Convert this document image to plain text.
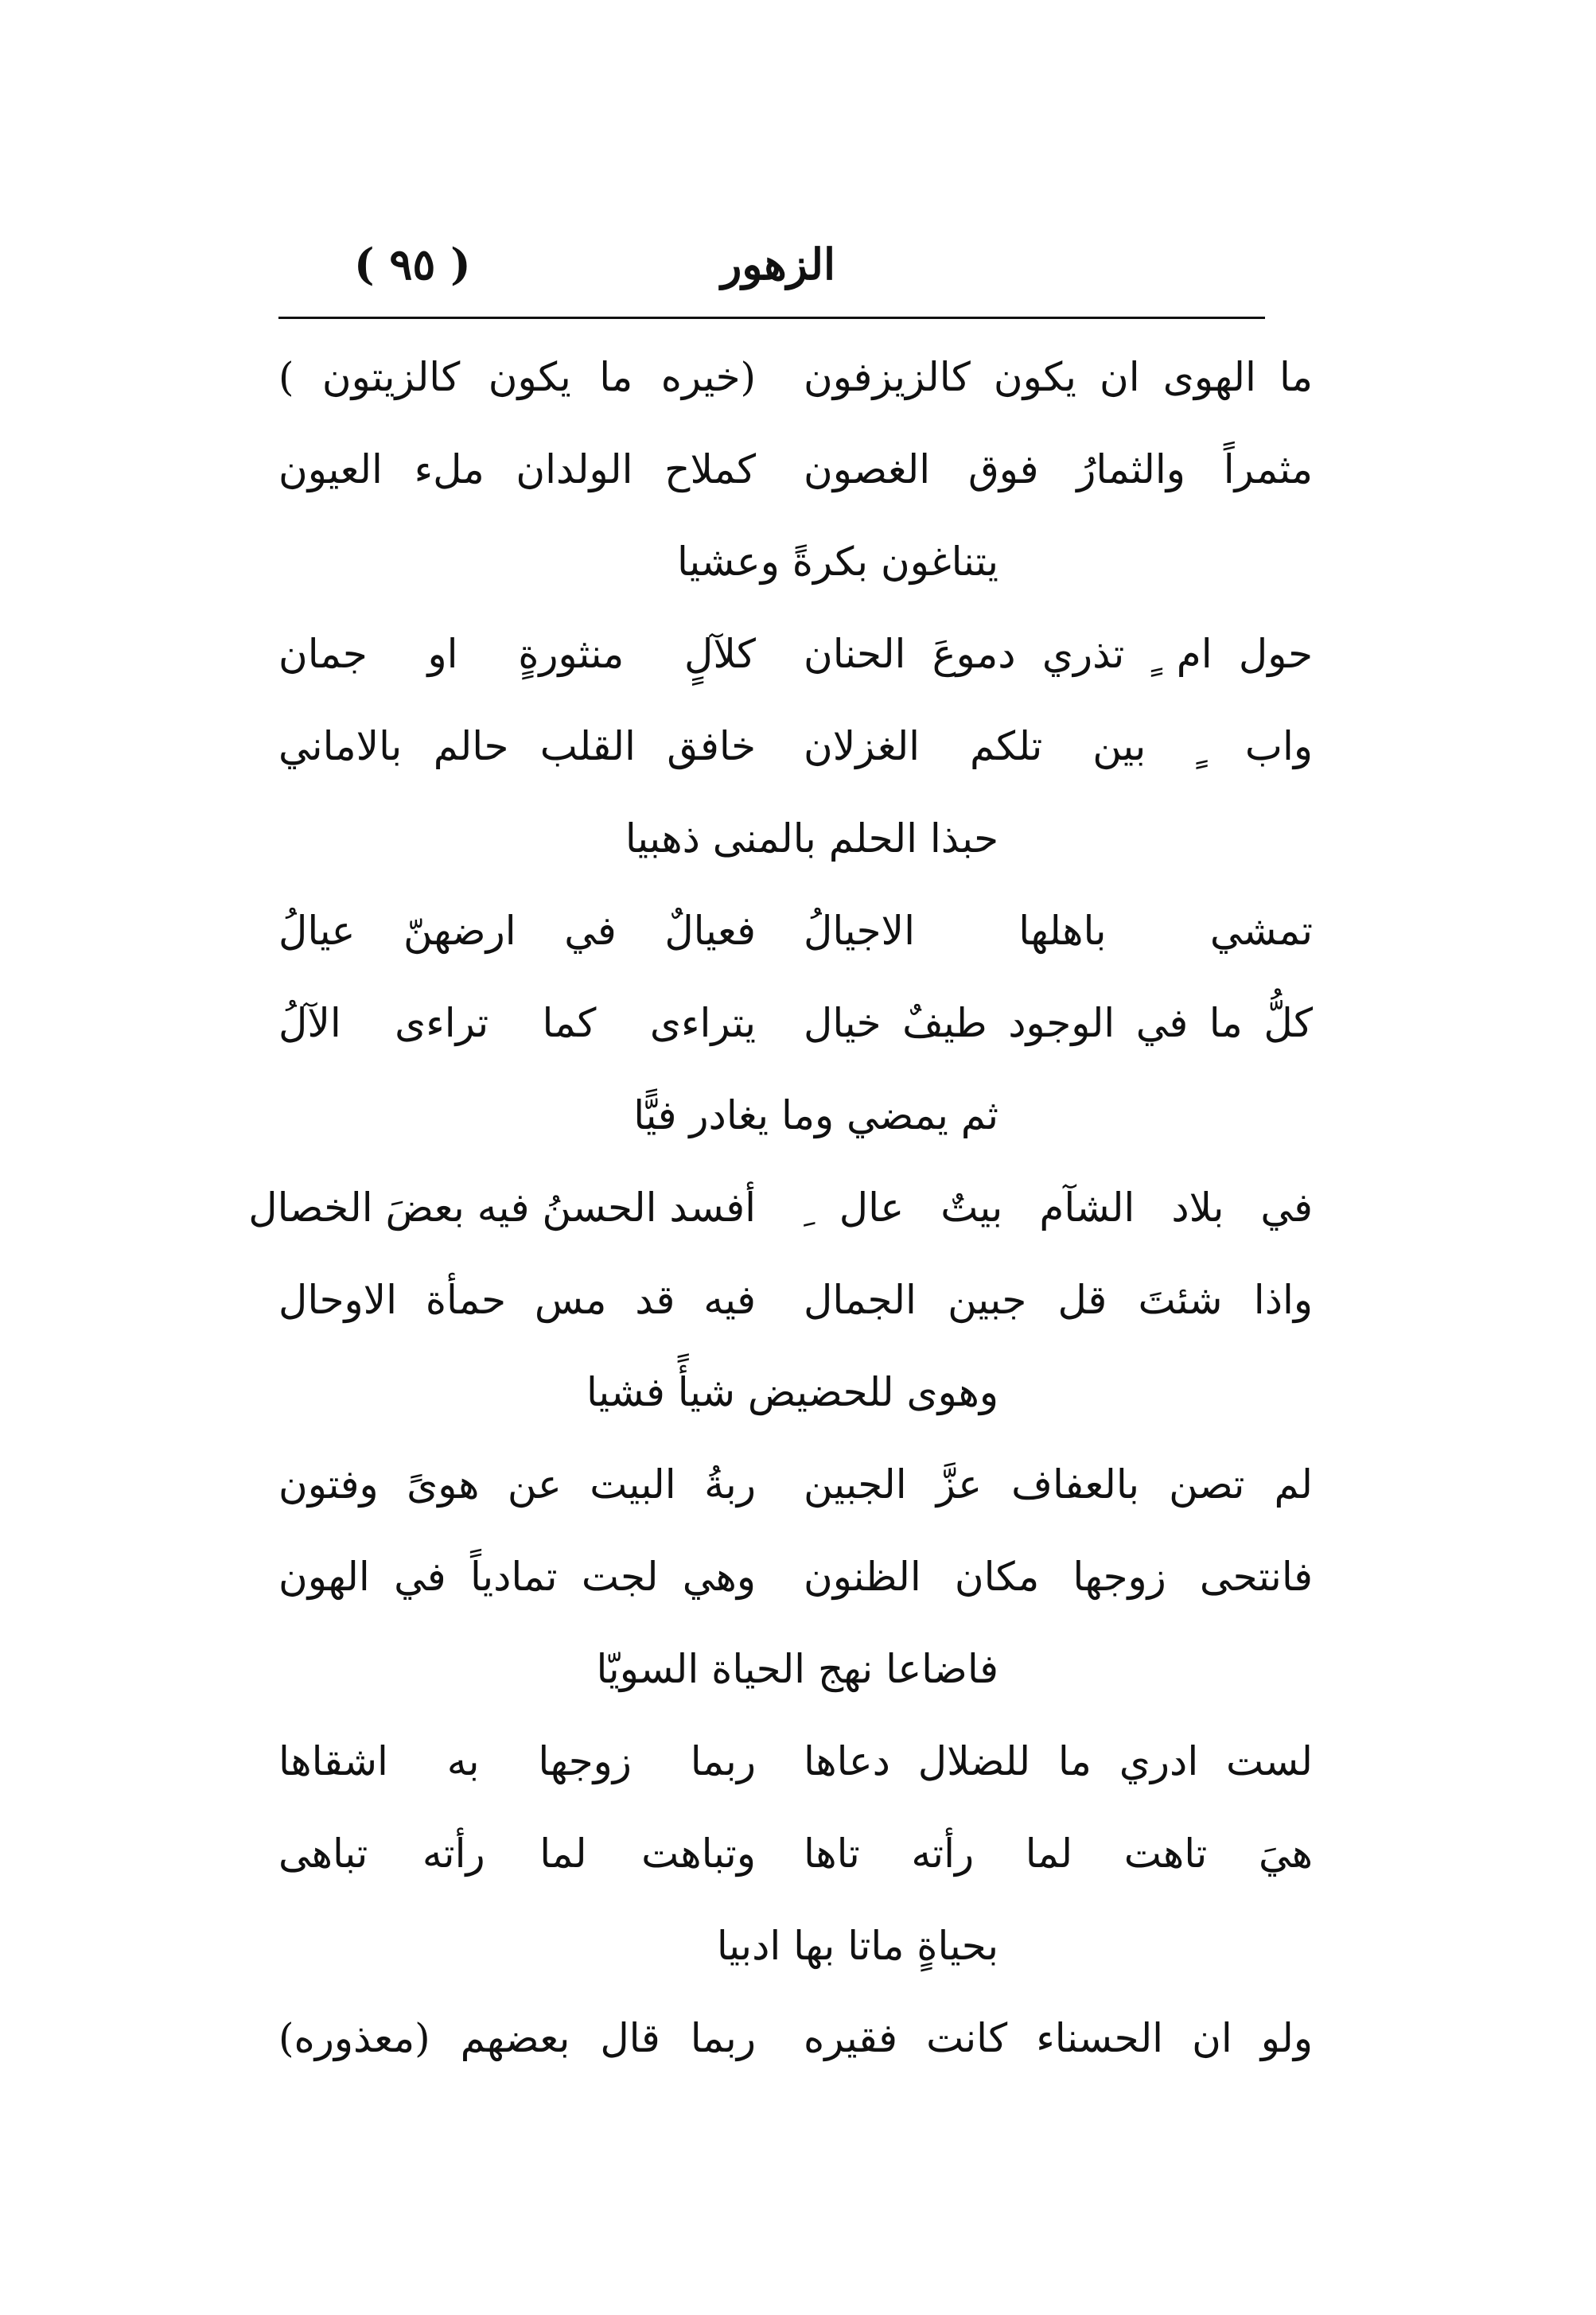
الزهور
( ٩٥ )
ما الهوى ان يكون كالزيزفون
(خيره ما يكون كالزيتون )
مثمراً والثمارُ فوق الغصون
كملاح الولدان ملء العيون
يتناغون بكرةً وعشيا
حول ام ٍ تذري دموعَ الحنان
كلآلٍ منثورةٍ او جمان
واب ٍ بين تلكم الغزلان
خافق القلب حالم بالاماني
حبذا الحلم بالمنى ذهبيا
تمشي باهلها الاجيالُ
فعيالٌ في ارضهنّ عيالُ
كلُّ ما في الوجود طيفٌ خيال
يتراءى كما تراءى الآلُ
ثم يمضي وما يغادر فيًّا
في بلاد الشآم بيتٌ عال ِ
أفسد الحسنُ فيه بعضَ الخصال
واذا شئتَ قل جبين الجمال
فيه قد مس حمأة الاوحال
وهوى للحضيض شيأً فشيا
لم تصن بالعفاف عزَّ الجبين
ربةُ البيت عن هوىً وفتون
فانتحى زوجها مكان الظنون
وهي لجت تمادياً في الهون
فاضاعا نهج الحياة السويّا
لست ادري ما للضلال دعاها
ربما زوجها به اشقاها
هيَ تاهت لما رأته تاها
وتباهت لما رأته تباهى
بحياةٍ ماتا بها ادبيا
ولو ان الحسناء كانت فقيره
ربما قال بعضهم (معذوره)
